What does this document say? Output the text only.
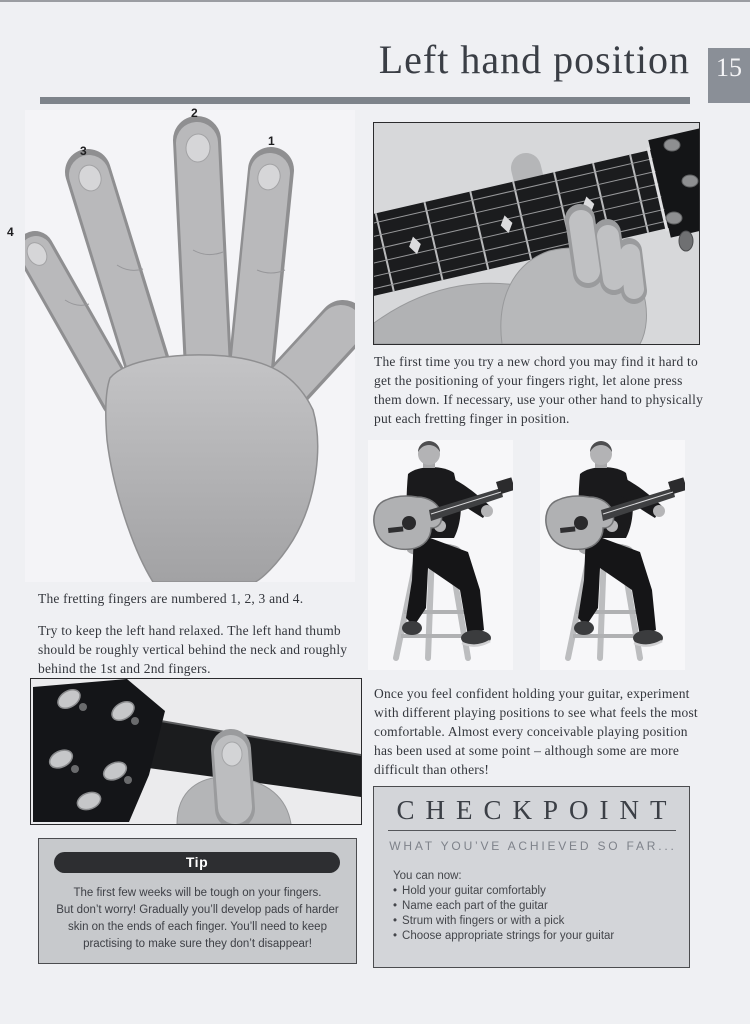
Left hand position	15
2
1
3
4
The first time you try a new chord you may find it hard to get the positioning of your fingers right, let alone press them down. If necessary, use your other hand to physically put each fretting finger in position.
The fretting fingers are numbered 1, 2, 3 and 4.
Try to keep the left hand relaxed. The left hand thumb should be roughly vertical behind the neck and roughly behind the 1st and 2nd fingers.
Once you feel confident holding your guitar, experiment with different playing positions to see what feels the most comfortable. Almost every conceivable playing position has been used at some point – although some are more difficult than others!
Tip
The first few weeks will be tough on your fingers.
But don’t worry! Gradually you’ll develop pads of harder
skin on the ends of each finger. You’ll need to keep
practising to make sure they don’t disappear!
CHECKPOINT
WHAT YOU’VE ACHIEVED SO FAR...
You can now:
• Hold your guitar comfortably
• Name each part of the guitar
• Strum with fingers or with a pick
• Choose appropriate strings for your guitar
